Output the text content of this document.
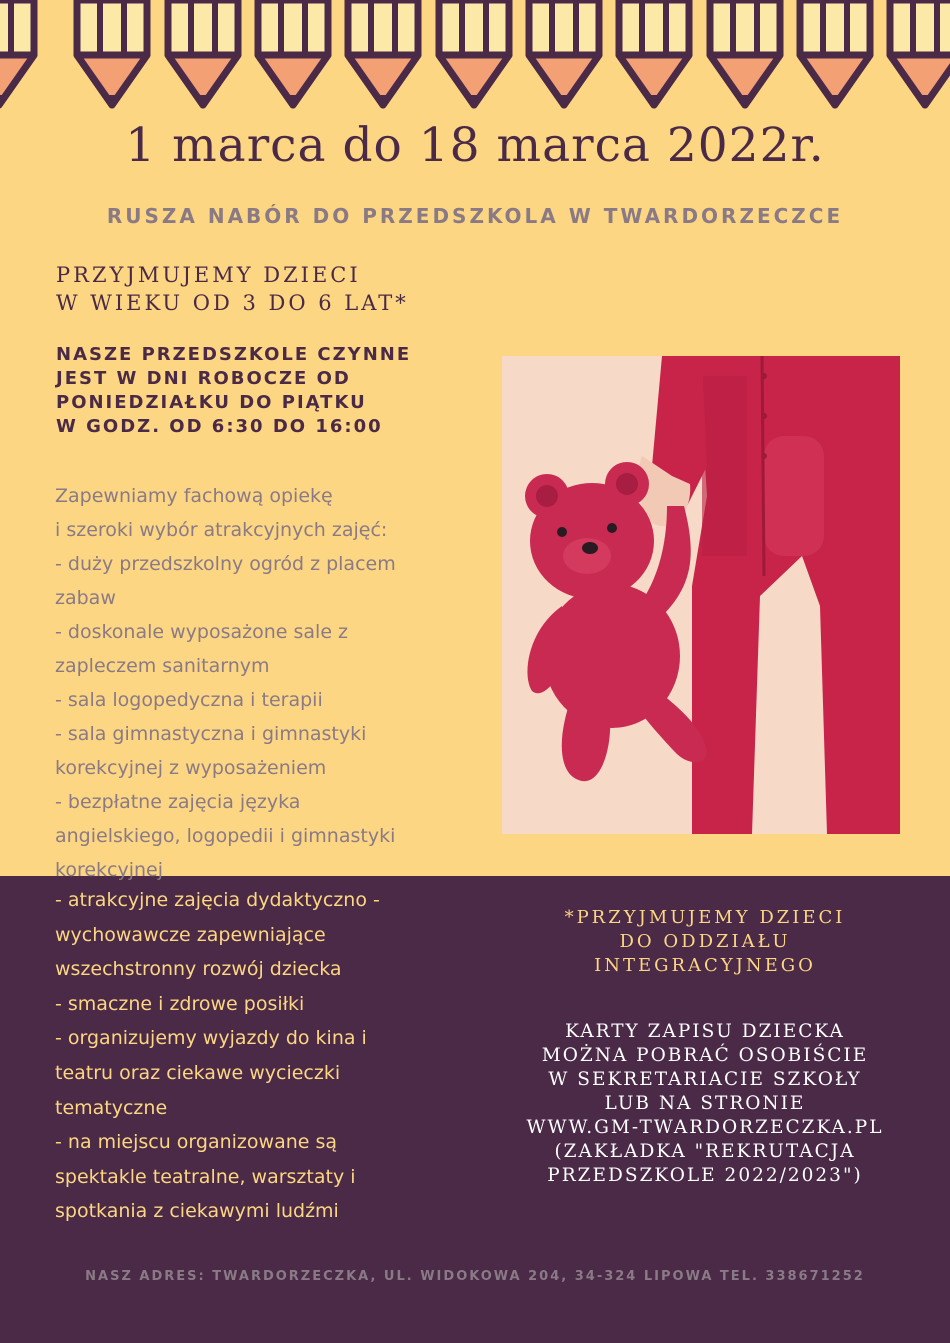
1 marca do 18 marca 2022r.
RUSZA NABÓR DO PRZEDSZKOLA W TWARDORZECZCE
PRZYJMUJEMY DZIECI
W WIEKU OD 3 DO 6 LAT*
NASZE PRZEDSZKOLE CZYNNE
JEST W DNI ROBOCZE OD
PONIEDZIAŁKU DO PIĄTKU
W GODZ. OD 6:30 DO 16:00
Zapewniamy fachową opiekę
i szeroki wybór atrakcyjnych zajęć:
- duży przedszkolny ogród z placem
zabaw
- doskonale wyposażone sale z
zapleczem sanitarnym
- sala logopedyczna i terapii
- sala gimnastyczna i gimnastyki
korekcyjnej z wyposażeniem
- bezpłatne zajęcia języka
angielskiego, logopedii i gimnastyki
korekcyjnej
- atrakcyjne zajęcia dydaktyczno -
wychowawcze zapewniające
wszechstronny rozwój dziecka
- smaczne i zdrowe posiłki
- organizujemy wyjazdy do kina i
teatru oraz ciekawe wycieczki
tematyczne
- na miejscu organizowane są
spektakle teatralne, warsztaty i
spotkania z ciekawymi ludźmi
*PRZYJMUJEMY DZIECI
DO ODDZIAŁU
INTEGRACYJNEGO
KARTY ZAPISU DZIECKA
MOŻNA POBRAĆ OSOBIŚCIE
W SEKRETARIACIE SZKOŁY
LUB NA STRONIE
WWW.GM-TWARDORZECZKA.PL
(ZAKŁADKA "REKRUTACJA
PRZEDSZKOLE 2022/2023")
NASZ ADRES: TWARDORZECZKA, UL. WIDOKOWA 204, 34-324 LIPOWA TEL. 338671252
